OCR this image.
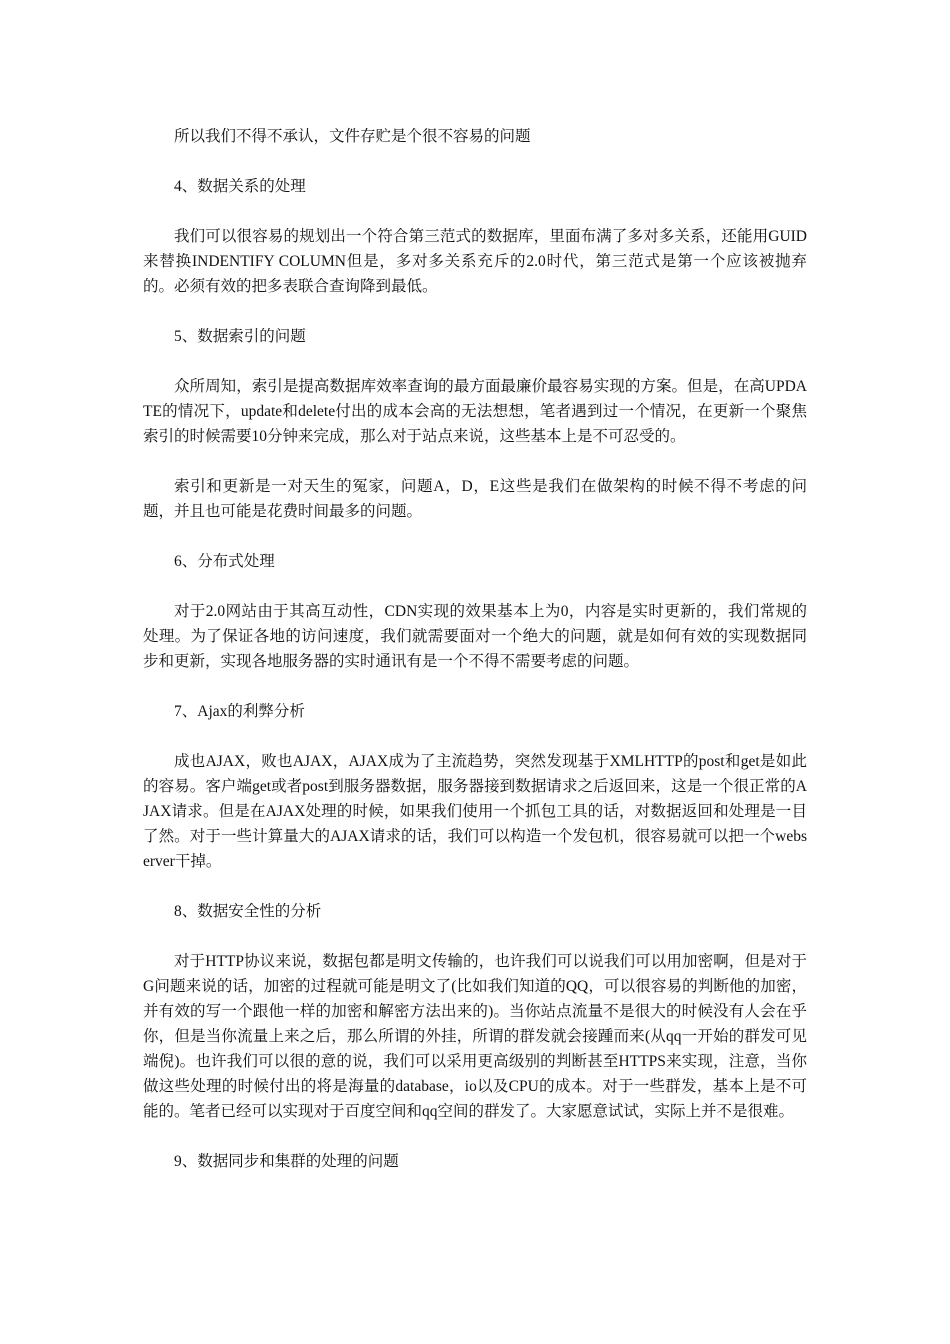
所以我们不得不承认，文件存贮是个很不容易的问题

4、数据关系的处理

我们可以很容易的规划出一个符合第三范式的数据库，里面布满了多对多关系，还能用GUID来替换INDENTIFY COLUMN但是，多对多关系充斥的2.0时代，第三范式是第一个应该被抛弃的。必须有效的把多表联合查询降到最低。

5、数据索引的问题

众所周知，索引是提高数据库效率查询的最方面最廉价最容易实现的方案。但是，在高UPDATE的情况下，update和delete付出的成本会高的无法想想，笔者遇到过一个情况，在更新一个聚焦索引的时候需要10分钟来完成，那么对于站点来说，这些基本上是不可忍受的。

索引和更新是一对天生的冤家，问题A，D，E这些是我们在做架构的时候不得不考虑的问题，并且也可能是花费时间最多的问题。

6、分布式处理

对于2.0网站由于其高互动性，CDN实现的效果基本上为0，内容是实时更新的，我们常规的处理。为了保证各地的访问速度，我们就需要面对一个绝大的问题，就是如何有效的实现数据同步和更新，实现各地服务器的实时通讯有是一个不得不需要考虑的问题。

7、Ajax的利弊分析

成也AJAX，败也AJAX，AJAX成为了主流趋势，突然发现基于XMLHTTP的post和get是如此的容易。客户端get或者post到服务器数据，服务器接到数据请求之后返回来，这是一个很正常的AJAX请求。但是在AJAX处理的时候，如果我们使用一个抓包工具的话，对数据返回和处理是一目了然。对于一些计算量大的AJAX请求的话，我们可以构造一个发包机，很容易就可以把一个webserver干掉。

8、数据安全性的分析

对于HTTP协议来说，数据包都是明文传输的，也许我们可以说我们可以用加密啊，但是对于G问题来说的话，加密的过程就可能是明文了(比如我们知道的QQ，可以很容易的判断他的加密，并有效的写一个跟他一样的加密和解密方法出来的)。当你站点流量不是很大的时候没有人会在乎你，但是当你流量上来之后，那么所谓的外挂，所谓的群发就会接踵而来(从qq一开始的群发可见端倪)。也许我们可以很的意的说，我们可以采用更高级别的判断甚至HTTPS来实现，注意，当你做这些处理的时候付出的将是海量的database，io以及CPU的成本。对于一些群发，基本上是不可能的。笔者已经可以实现对于百度空间和qq空间的群发了。大家愿意试试，实际上并不是很难。

9、数据同步和集群的处理的问题
